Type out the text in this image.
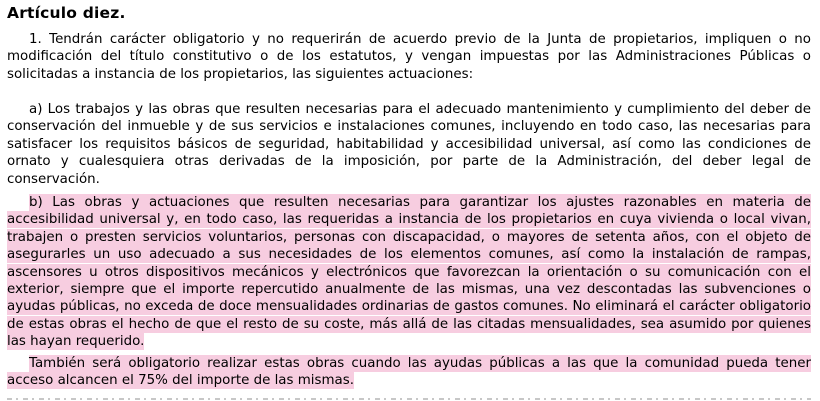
Artículo diez.

1. Tendrán carácter obligatorio y no requerirán de acuerdo previo de la Junta de propietarios, impliquen o no modificación del título constitutivo o de los estatutos, y vengan impuestas por las Administraciones Públicas o solicitadas a instancia de los propietarios, las siguientes actuaciones:

a) Los trabajos y las obras que resulten necesarias para el adecuado mantenimiento y cumplimiento del deber de conservación del inmueble y de sus servicios e instalaciones comunes, incluyendo en todo caso, las necesarias para satisfacer los requisitos básicos de seguridad, habitabilidad y accesibilidad universal, así como las condiciones de ornato y cualesquiera otras derivadas de la imposición, por parte de la Administración, del deber legal de conservación.

b) Las obras y actuaciones que resulten necesarias para garantizar los ajustes razonables en materia de accesibilidad universal y, en todo caso, las requeridas a instancia de los propietarios en cuya vivienda o local vivan, trabajen o presten servicios voluntarios, personas con discapacidad, o mayores de setenta años, con el objeto de asegurarles un uso adecuado a sus necesidades de los elementos comunes, así como la instalación de rampas, ascensores u otros dispositivos mecánicos y electrónicos que favorezcan la orientación o su comunicación con el exterior, siempre que el importe repercutido anualmente de las mismas, una vez descontadas las subvenciones o ayudas públicas, no exceda de doce mensualidades ordinarias de gastos comunes. No eliminará el carácter obligatorio de estas obras el hecho de que el resto de su coste, más allá de las citadas mensualidades, sea asumido por quienes las hayan requerido.

También será obligatorio realizar estas obras cuando las ayudas públicas a las que la comunidad pueda tener acceso alcancen el 75% del importe de las mismas.
